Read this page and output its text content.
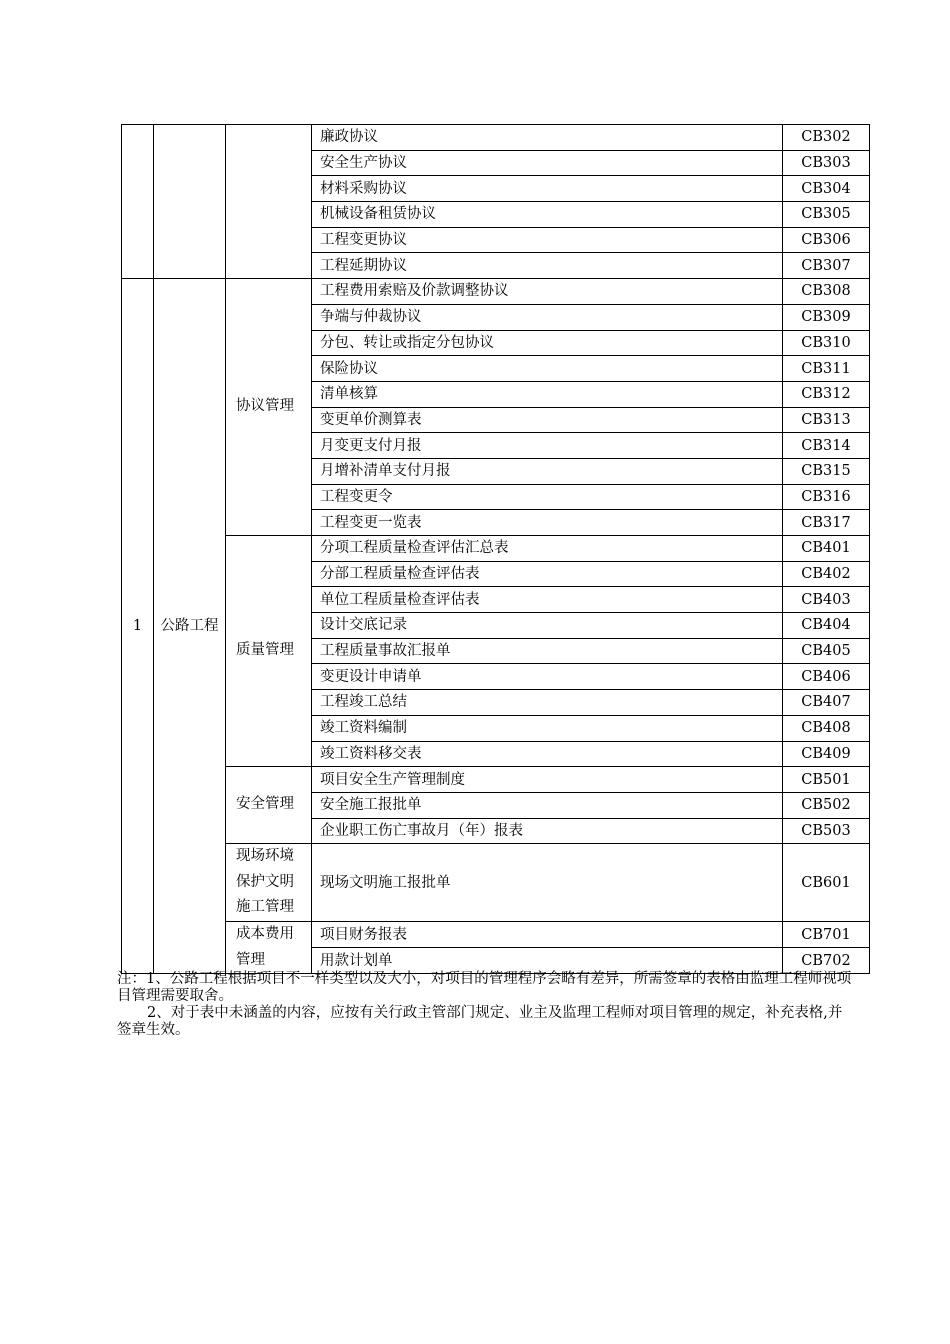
			廉政协议	CB302
			安全生产协议	CB303
			材料采购协议	CB304
			机械设备租赁协议	CB305
			工程变更协议	CB306
			工程延期协议	CB307
1	公路工程	协议管理	工程费用索赔及价款调整协议	CB308
			争端与仲裁协议	CB309
			分包、转让或指定分包协议	CB310
			保险协议	CB311
			清单核算	CB312
			变更单价测算表	CB313
			月变更支付月报	CB314
			月增补清单支付月报	CB315
			工程变更令	CB316
			工程变更一览表	CB317
		质量管理	分项工程质量检查评估汇总表	CB401
			分部工程质量检查评估表	CB402
			单位工程质量检查评估表	CB403
			设计交底记录	CB404
			工程质量事故汇报单	CB405
			变更设计申请单	CB406
			工程竣工总结	CB407
			竣工资料编制	CB408
			竣工资料移交表	CB409
		安全管理	项目安全生产管理制度	CB501
			安全施工报批单	CB502
			企业职工伤亡事故月（年）报表	CB503
		现场环境保护文明施工管理	现场文明施工报批单	CB601
		成本费用管理	项目财务报表	CB701
			用款计划单	CB702

注：1、公路工程根据项目不一样类型以及大小，对项目的管理程序会略有差异，所需签章的表格由监理工程师视项目管理需要取舍。

2、对于表中未涵盖的内容，应按有关行政主管部门规定、业主及监理工程师对项目管理的规定，补充表格,并签章生效。
